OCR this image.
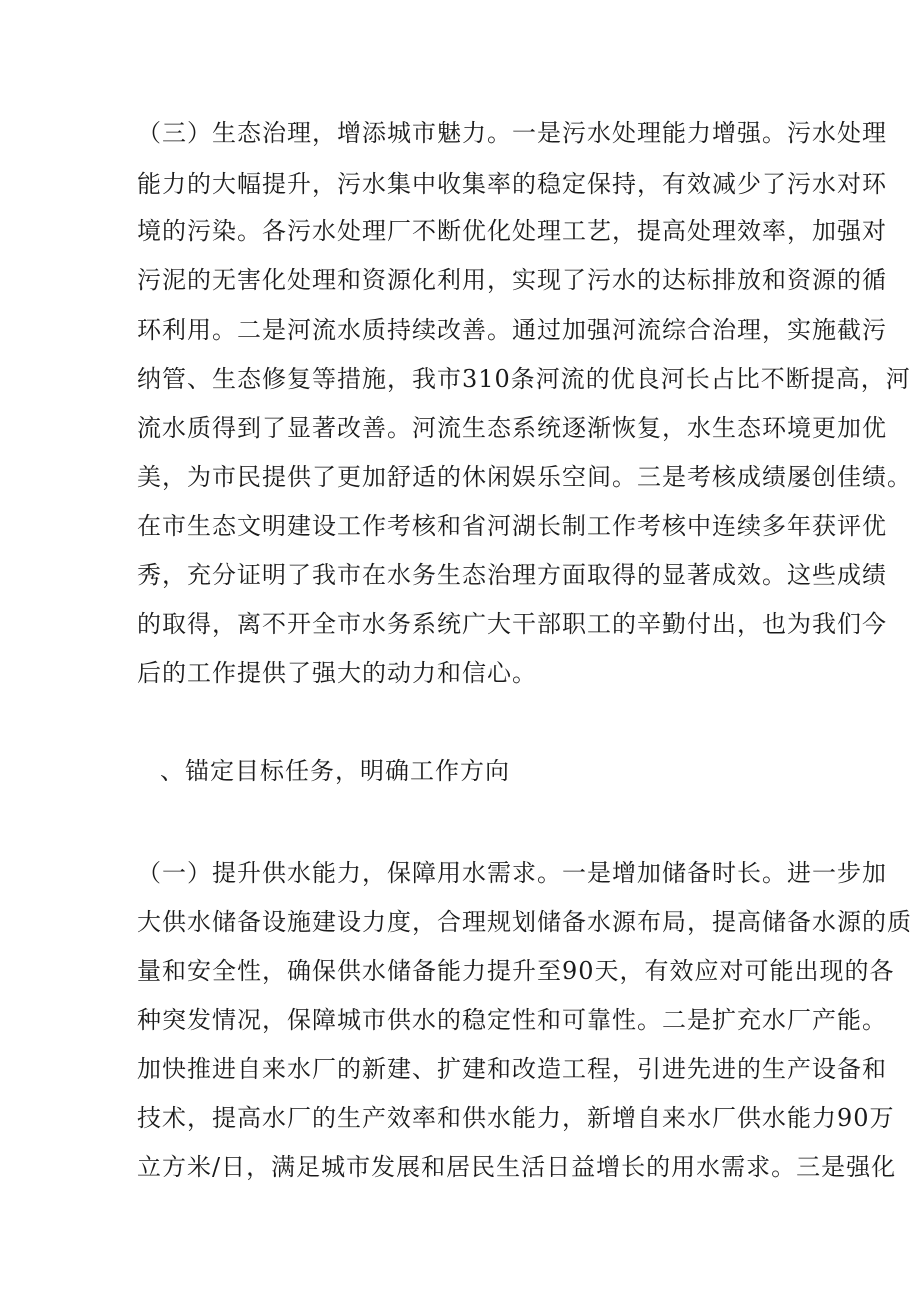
（三）生态治理，增添城市魅力。一是污水处理能力增强。污水处理
能力的大幅提升，污水集中收集率的稳定保持，有效减少了污水对环
境的污染。各污水处理厂不断优化处理工艺，提高处理效率，加强对
污泥的无害化处理和资源化利用，实现了污水的达标排放和资源的循
环利用。二是河流水质持续改善。通过加强河流综合治理，实施截污
纳管、生态修复等措施，我市310条河流的优良河长占比不断提高，河
流水质得到了显著改善。河流生态系统逐渐恢复，水生态环境更加优
美，为市民提供了更加舒适的休闲娱乐空间。三是考核成绩屡创佳绩。
在市生态文明建设工作考核和省河湖长制工作考核中连续多年获评优
秀，充分证明了我市在水务生态治理方面取得的显著成效。这些成绩
的取得，离不开全市水务系统广大干部职工的辛勤付出，也为我们今
后的工作提供了强大的动力和信心。
、锚定目标任务，明确工作方向
（一）提升供水能力，保障用水需求。一是增加储备时长。进一步加
大供水储备设施建设力度，合理规划储备水源布局，提高储备水源的质
量和安全性，确保供水储备能力提升至90天，有效应对可能出现的各
种突发情况，保障城市供水的稳定性和可靠性。二是扩充水厂产能。
加快推进自来水厂的新建、扩建和改造工程，引进先进的生产设备和
技术，提高水厂的生产效率和供水能力，新增自来水厂供水能力90万
立方米/日，满足城市发展和居民生活日益增长的用水需求。三是强化
